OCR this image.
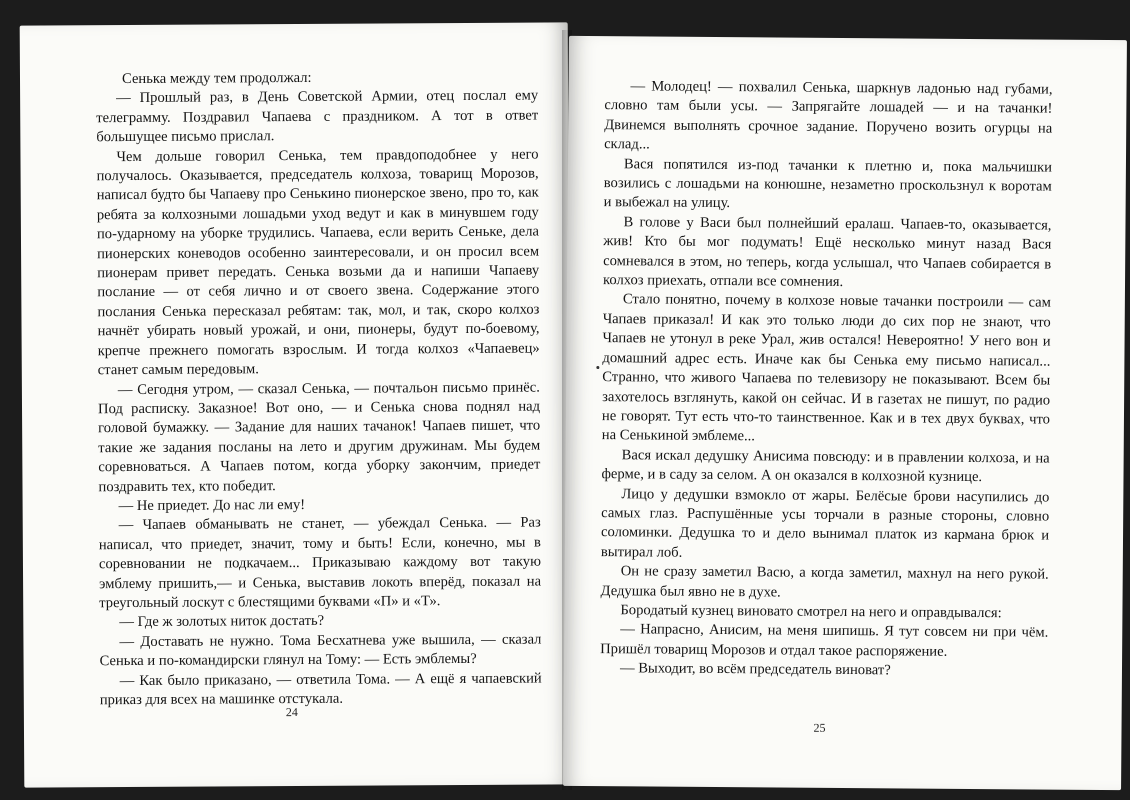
Сенька между тем продолжал:

— Прошлый раз, в День Советской Армии, отец послал ему телеграмму. Поздравил Чапаева с праздником. А тот в ответ большущее письмо прислал.

Чем дольше говорил Сенька, тем правдоподобнее у него получалось. Оказывается, председатель колхоза, товарищ Морозов, написал будто бы Чапаеву про Сенькино пионерское звено, про то, как ребята за колхозными лошадьми уход ведут и как в минувшем году по-ударному на уборке трудились. Чапаева, если верить Сеньке, дела пионерских коневодов особенно заинтересовали, и он просил всем пионерам привет передать. Сенька возьми да и напиши Чапаеву послание — от себя лично и от своего звена. Содержание этого послания Сенька пересказал ребятам: так, мол, и так, скоро колхоз начнёт убирать новый урожай, и они, пионеры, будут по-боевому, крепче прежнего помогать взрослым. И тогда колхоз «Чапаевец» станет самым передовым.

— Сегодня утром, — сказал Сенька, — почтальон письмо принёс. Под расписку. Заказное! Вот оно, — и Сенька снова поднял над головой бумажку. — Задание для наших тачанок! Чапаев пишет, что такие же задания посланы на лето и другим дружинам. Мы будем соревноваться. А Чапаев потом, когда уборку закончим, приедет поздравить тех, кто победит.

— Не приедет. До нас ли ему!

— Чапаев обманывать не станет, — убеждал Сенька. — Раз написал, что приедет, значит, тому и быть! Если, конечно, мы в соревновании не подкачаем... Приказываю каждому вот такую эмблему пришить,— и Сенька, выставив локоть вперёд, показал на треугольный лоскут с блестящими буквами «П» и «Т».

— Где ж золотых ниток достать?

— Доставать не нужно. Тома Бесхатнева уже вышила, — сказал Сенька и по-командирски глянул на Тому: — Есть эмблемы?

— Как было приказано, — ответила Тома. — А ещё я чапаевский приказ для всех на машинке отстукала.

24

— Молодец! — похвалил Сенька, шаркнув ладонью над губами, словно там были усы. — Запрягайте лошадей — и на тачанки! Двинемся выполнять срочное задание. Поручено возить огурцы на склад...

Вася попятился из-под тачанки к плетню и, пока мальчишки возились с лошадьми на конюшне, незаметно проскользнул к воротам и выбежал на улицу.

В голове у Васи был полнейший ералаш. Чапаев-то, оказывается, жив! Кто бы мог подумать! Ещё несколько минут назад Вася сомневался в этом, но теперь, когда услышал, что Чапаев собирается в колхоз приехать, отпали все сомнения.

Стало понятно, почему в колхозе новые тачанки построили — сам Чапаев приказал! И как это только люди до сих пор не знают, что Чапаев не утонул в реке Урал, жив остался! Невероятно! У него вон и домашний адрес есть. Иначе как бы Сенька ему письмо написал... Странно, что живого Чапаева по телевизору не показывают. Всем бы захотелось взглянуть, какой он сейчас. И в газетах не пишут, по радио не говорят. Тут есть что-то таинственное. Как и в тех двух буквах, что на Сенькиной эмблеме...

Вася искал дедушку Анисима повсюду: и в правлении колхоза, и на ферме, и в саду за селом. А он оказался в колхозной кузнице.

Лицо у дедушки взмокло от жары. Белёсые брови насупились до самых глаз. Распушённые усы торчали в разные стороны, словно соломинки. Дедушка то и дело вынимал платок из кармана брюк и вытирал лоб.

Он не сразу заметил Васю, а когда заметил, махнул на него рукой. Дедушка был явно не в духе.

Бородатый кузнец виновато смотрел на него и оправдывался:

— Напрасно, Анисим, на меня шипишь. Я тут совсем ни при чём. Пришёл товарищ Морозов и отдал такое распоряжение.

— Выходит, во всём председатель виноват?

25
